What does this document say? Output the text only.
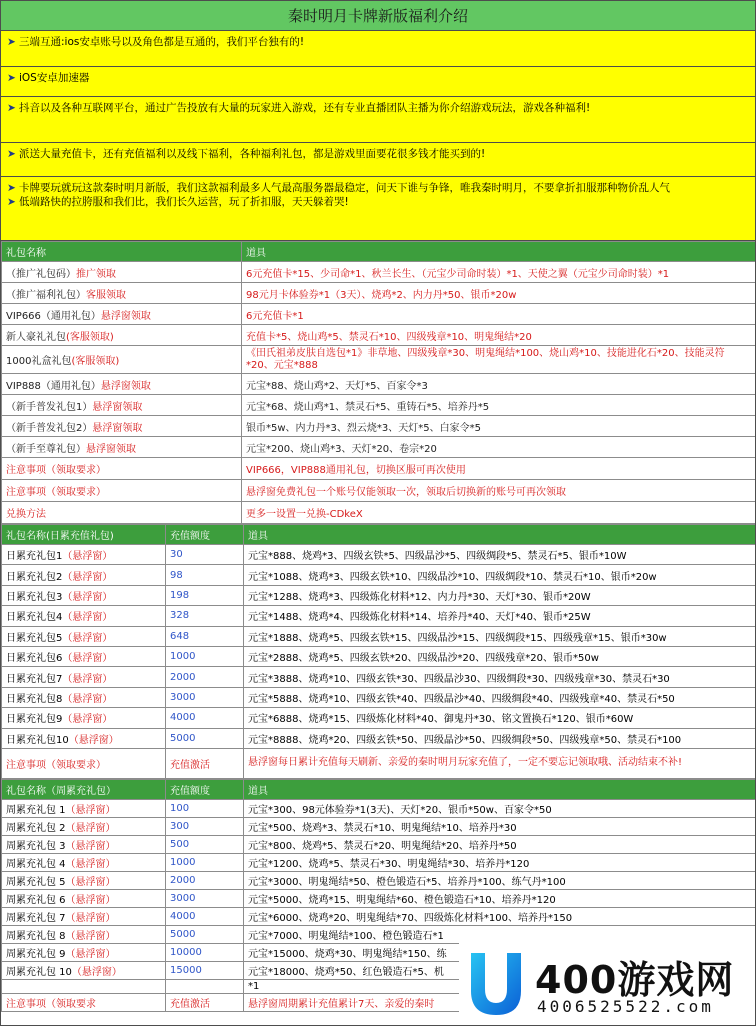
秦时明月卡牌新版福利介绍
➤ 三端互通:ios安卓账号以及角色都是互通的，我们平台独有的!
➤ iOS安卓加速器
➤ 抖音以及各种互联网平台，通过广告投放有大量的玩家进入游戏，还有专业直播团队主播为你介绍游戏玩法，游戏各种福利!
➤ 派送大量充值卡，还有充值福利以及线下福利，各种福利礼包，都是游戏里面要花很多钱才能买到的!
➤ 卡牌要玩就玩这款秦时明月新版，我们这款福利最多人气最高服务器最稳定，问天下谁与争锋，唯我秦时明月，不要拿折扣服那种物价乱人气
➤ 低端路快的拉胯服和我们比，我们长久运营，玩了折扣服，天天躲着哭!
礼包名称	道具
（推广礼包码）推广领取	6元充值卡*15、少司命*1、秋兰长生、（元宝少司命时装）*1、天使之翼（元宝少司命时装）*1
（推广福利礼包）客服领取	98元月卡体验券*1（3天）、烧鸡*2、内力丹*50、银币*20w
VIP666（通用礼包）悬浮窗领取	6元充值卡*1
新人豪礼礼包(客服领取)	充值卡*5、烧山鸡*5、禁灵石*10、四级残章*10、明鬼绳结*20
1000礼盒礼包(客服领取)	《田氏祖弟皮肤自选包*1》非草地、四级残章*30、明鬼绳结*100、烧山鸡*10、技能进化石*20、技能灵符*20、元宝*888
VIP888（通用礼包）悬浮窗领取	元宝*88、烧山鸡*2、天灯*5、百家令*3
（新手普发礼包1）悬浮窗领取	元宝*68、烧山鸡*1、禁灵石*5、重铸石*5、培养丹*5
（新手普发礼包2）悬浮窗领取	银币*5w、内力丹*3、烈云烧*3、天灯*5、白家令*5
（新手至尊礼包）悬浮窗领取	元宝*200、烧山鸡*3、天灯*20、卷宗*20
注意事项（领取要求）	VIP666，VIP888通用礼包，切换区服可再次使用
注意事项（领取要求）	悬浮窗免费礼包一个账号仅能领取一次，领取后切换新的账号可再次领取
兑换方法	更多一设置一兑换-CDkeX
礼包名称(日累充值礼包)	充值额度	道具
日累充礼包1（悬浮窗）	30	元宝*888、烧鸡*3、四级玄铁*5、四级晶沙*5、四级绸段*5、禁灵石*5、银币*10W
日累充礼包2（悬浮窗）	98	元宝*1088、烧鸡*3、四级玄铁*10、四级晶沙*10、四级绸段*10、禁灵石*10、银币*20w
日累充礼包3（悬浮窗）	198	元宝*1288、烧鸡*3、四级炼化材料*12、内力丹*30、天灯*30、银币*20W
日累充礼包4（悬浮窗）	328	元宝*1488、烧鸡*4、四级炼化材料*14、培养丹*40、天灯*40、银币*25W
日累充礼包5（悬浮窗）	648	元宝*1888、烧鸡*5、四级玄铁*15、四级晶沙*15、四级绸段*15、四级残章*15、银币*30w
日累充礼包6（悬浮窗）	1000	元宝*2888、烧鸡*5、四级玄铁*20、四级晶沙*20、四级残章*20、银币*50w
日累充礼包7（悬浮窗）	2000	元宝*3888、烧鸡*10、四级玄铁*30、四级晶沙30、四级绸段*30、四级残章*30、禁灵石*30
日累充礼包8（悬浮窗）	3000	元宝*5888、烧鸡*10、四级玄铁*40、四级晶沙*40、四级绸段*40、四级残章*40、禁灵石*50
日累充礼包9（悬浮窗）	4000	元宝*6888、烧鸡*15、四级炼化材料*40、御鬼丹*30、铭文置换石*120、银币*60W
日累充礼包10（悬浮窗）	5000	元宝*8888、烧鸡*20、四级玄铁*50、四级晶沙*50、四级绸段*50、四级残章*50、禁灵石*100
注意事项（领取要求）	充值激活	悬浮窗每日累计充值每天刷新、亲爱的秦时明月玩家充值了，一定不要忘记领取哦、活动结束不补!
礼包名称（周累充礼包）	充值额度	道具
周累充礼包 1（悬浮窗）	100	元宝*300、98元体验券*1(3天)、天灯*20、银币*50w、百家令*50
周累充礼包 2（悬浮窗）	300	元宝*500、烧鸡*3、禁灵石*10、明鬼绳结*10、培养丹*30
周累充礼包 3（悬浮窗）	500	元宝*800、烧鸡*5、禁灵石*20、明鬼绳结*20、培养丹*50
周累充礼包 4（悬浮窗）	1000	元宝*1200、烧鸡*5、禁灵石*30、明鬼绳结*30、培养丹*120
周累充礼包 5（悬浮窗）	2000	元宝*3000、明鬼绳结*50、橙色锻造石*5、培养丹*100、练气丹*100
周累充礼包 6（悬浮窗）	3000	元宝*5000、烧鸡*15、明鬼绳结*60、橙色锻造石*10、培养丹*120
周累充礼包 7（悬浮窗）	4000	元宝*6000、烧鸡*20、明鬼绳结*70、四级炼化材料*100、培养丹*150
周累充礼包 8（悬浮窗）	5000	元宝*7000、明鬼绳结*100、橙色锻造石*1
周累充礼包 9（悬浮窗）	10000	元宝*15000、烧鸡*30、明鬼绳结*150、练
周累充礼包 10（悬浮窗）	15000	元宝*18000、烧鸡*50、红色锻造石*5、机
		*1
注意事项（领取要求	充值激活	悬浮窗周期累计充值累计7天、亲爱的秦时
400游戏网
4006525522.com
